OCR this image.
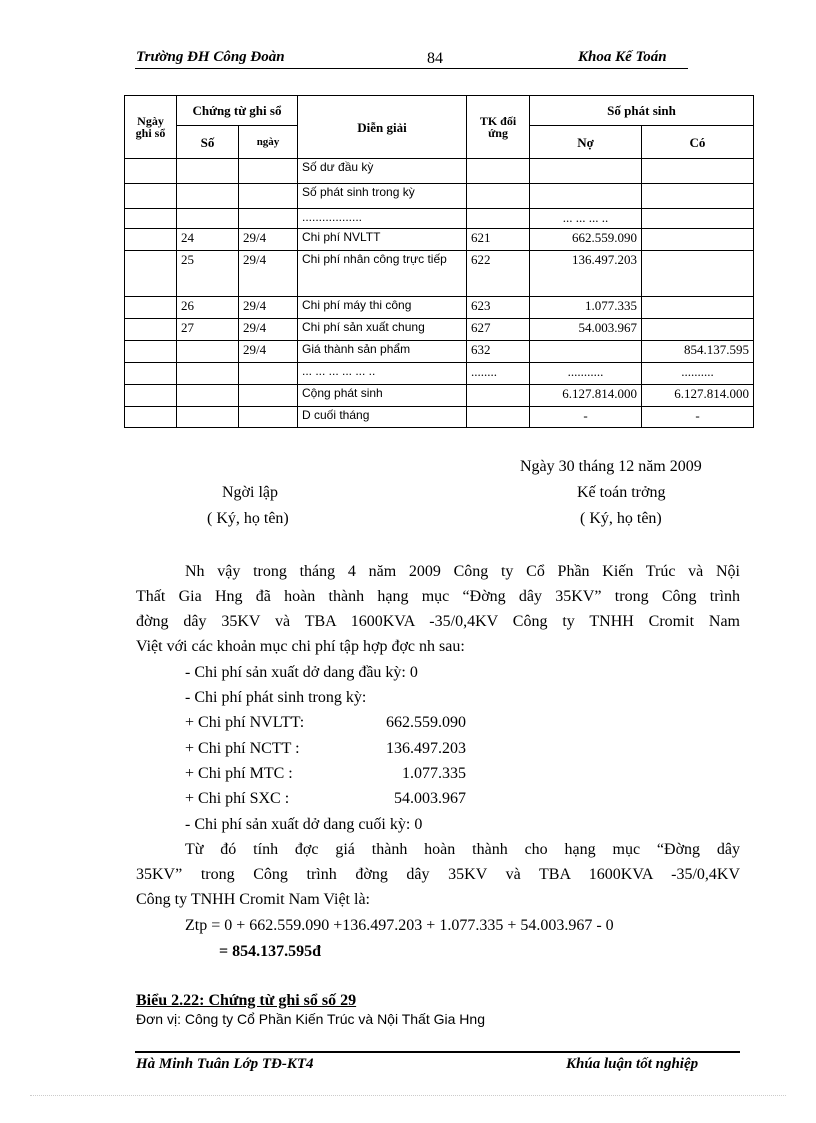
Trường ĐH Công Đoàn	84	Khoa Kế Toán
Ngày ghi sổ	Chứng từ ghi sổ		Diễn giải	TK đối ứng	Số phát sinh	
	Số	ngày			Nợ	Có
			Số dư đầu kỳ			
			Số phát sinh trong kỳ			
			..................		... ... ... ..	
	24	29/4	Chi phí NVLTT	621	662.559.090	
	25	29/4	Chi phí nhân công trực tiếp	622	136.497.203	
	26	29/4	Chi phí máy thi công	623	1.077.335	
	27	29/4	Chi phí sản xuất chung	627	54.003.967	
		29/4	Giá thành sản phẩm	632		854.137.595
			... ... ... ... ... ..	........	...........	..........
			Cộng phát sinh		6.127.814.000	6.127.814.000
			D cuối tháng		-	-
Ngày 30 tháng 12 năm 2009
Ngời lập
( Ký, họ tên)
Kế toán trởng
( Ký, họ tên)
Nh vậy trong tháng 4 năm 2009 Công ty Cổ Phần Kiến Trúc và Nội
Thất Gia Hng đã hoàn thành hạng mục “Đờng dây 35KV” trong Công trình
đờng dây 35KV và TBA 1600KVA -35/0,4KV Công ty TNHH Cromit Nam
Việt với các khoản mục chi phí tập hợp đợc nh sau:
- Chi phí sản xuất dở dang đầu kỳ: 0
- Chi phí phát sinh trong kỳ:
+ Chi phí NVLTT:	662.559.090
+ Chi phí NCTT :	136.497.203
+ Chi phí MTC :	1.077.335
+ Chi phí SXC :	54.003.967
- Chi phí sản xuất dở dang cuối kỳ: 0
Từ đó tính đợc giá thành hoàn thành cho hạng mục “Đờng dây
35KV” trong Công trình đờng dây 35KV và TBA 1600KVA -35/0,4KV
Công ty TNHH Cromit Nam Việt là:
Ztp = 0 + 662.559.090 +136.497.203 + 1.077.335 + 54.003.967 - 0
= 854.137.595đ
Biểu 2.22: Chứng từ ghi sổ số 29
Đơn vị: Công ty Cổ Phần Kiến Trúc và Nội Thất Gia Hng
Hà Minh Tuân Lớp TĐ-KT4	Khúa luận tốt nghiệp
